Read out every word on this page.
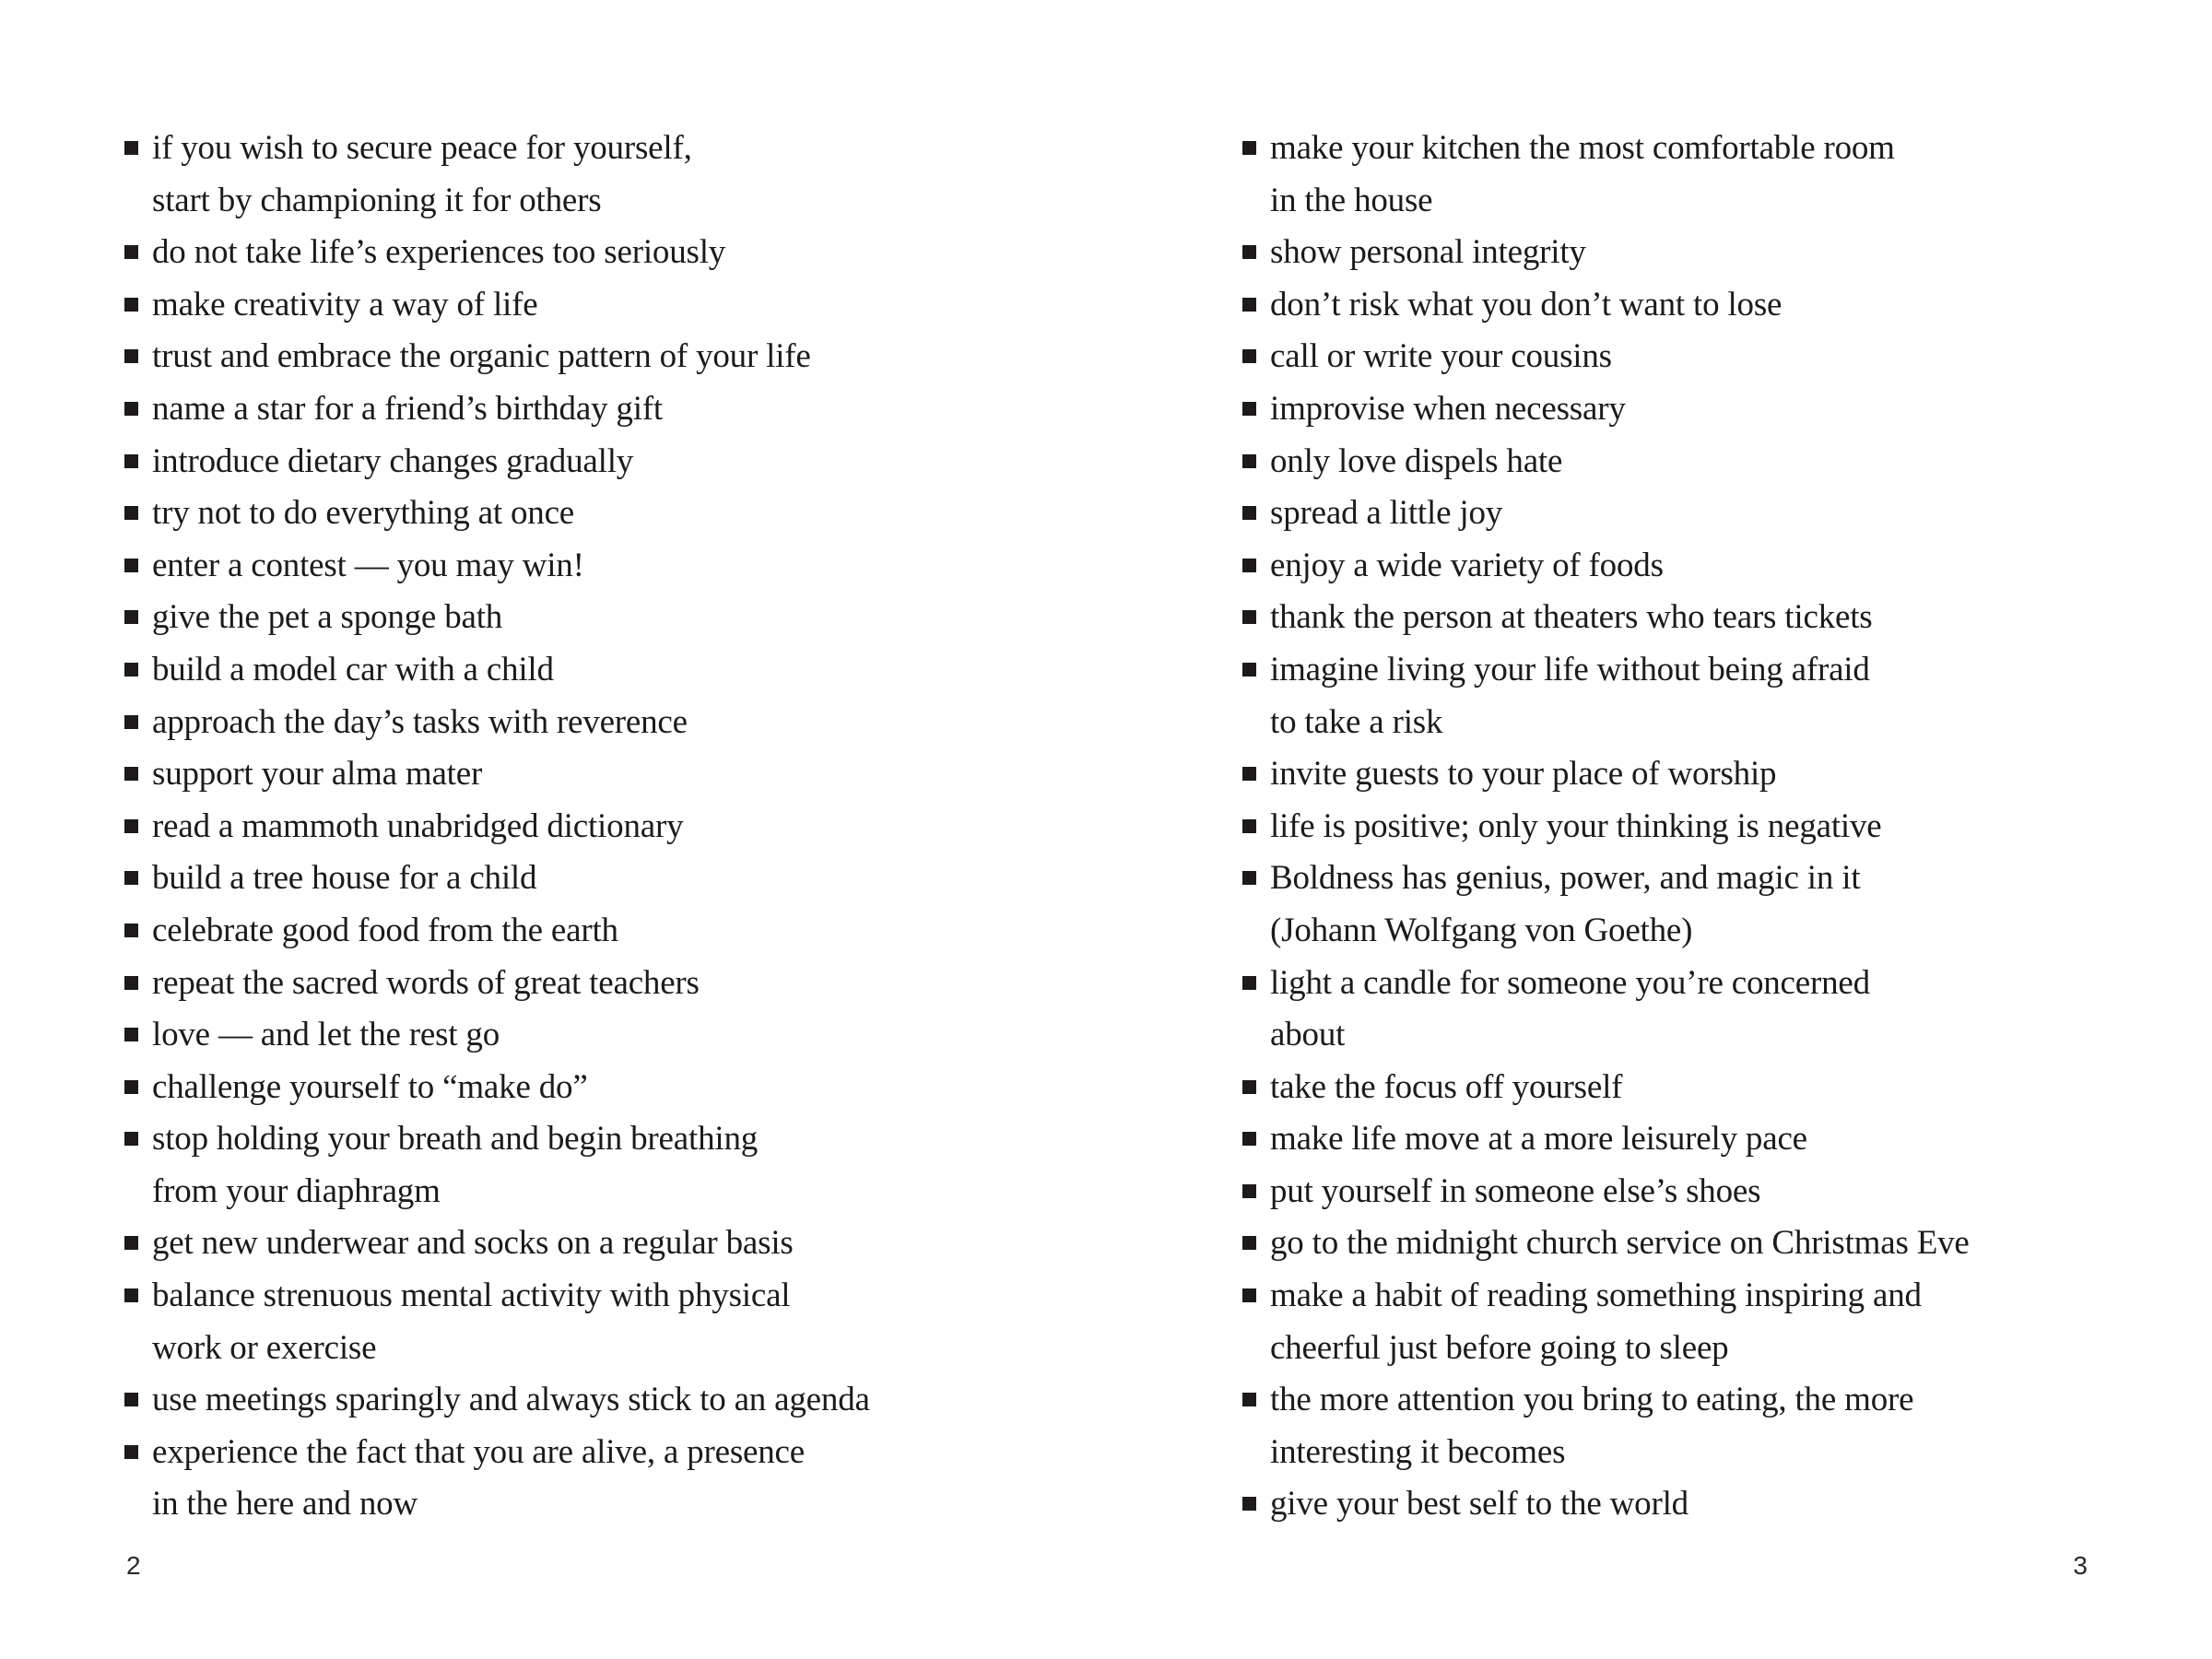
if you wish to secure peace for yourself,
start by championing it for others
do not take life’s experiences too seriously
make creativity a way of life
trust and embrace the organic pattern of your life
name a star for a friend’s birthday gift
introduce dietary changes gradually
try not to do everything at once
enter a contest — you may win!
give the pet a sponge bath
build a model car with a child
approach the day’s tasks with reverence
support your alma mater
read a mammoth unabridged dictionary
build a tree house for a child
celebrate good food from the earth
repeat the sacred words of great teachers
love — and let the rest go
challenge yourself to “make do”
stop holding your breath and begin breathing
from your diaphragm
get new underwear and socks on a regular basis
balance strenuous mental activity with physical
work or exercise
use meetings sparingly and always stick to an agenda
experience the fact that you are alive, a presence
in the here and now
2
make your kitchen the most comfortable room
in the house
show personal integrity
don’t risk what you don’t want to lose
call or write your cousins
improvise when necessary
only love dispels hate
spread a little joy
enjoy a wide variety of foods
thank the person at theaters who tears tickets
imagine living your life without being afraid
to take a risk
invite guests to your place of worship
life is positive; only your thinking is negative
Boldness has genius, power, and magic in it
(Johann Wolfgang von Goethe)
light a candle for someone you’re concerned
about
take the focus off yourself
make life move at a more leisurely pace
put yourself in someone else’s shoes
go to the midnight church service on Christmas Eve
make a habit of reading something inspiring and
cheerful just before going to sleep
the more attention you bring to eating, the more
interesting it becomes
give your best self to the world
3
